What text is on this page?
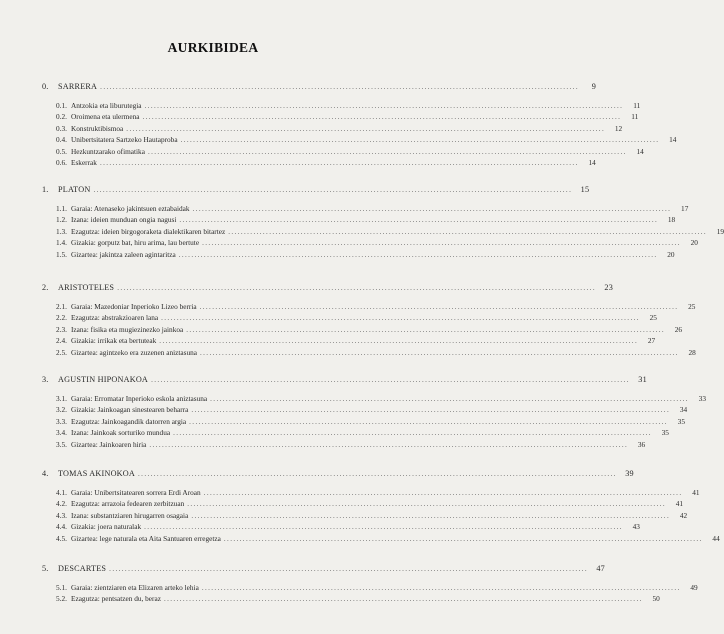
AURKIBIDEA
0.	SARRERA ........................................................................................................................................................	9
0.1. Antzokia eta liburutegia ........................................................................................................................................................	11
0.2. Oroimena eta ulermena ........................................................................................................................................................	11
0.3. Konstruktibismoa ........................................................................................................................................................	12
0.4. Unibertsitatera Sartzeko Hautaproba ........................................................................................................................................................	14
0.5. Hezkuntzarako ofimatika ........................................................................................................................................................	14
0.6. Eskerrak ........................................................................................................................................................	14
1.	PLATON ........................................................................................................................................................	15
1.1. Garaia: Atenaseko jakintsuen eztabaidak ........................................................................................................................................................	17
1.2. Izana: ideien munduan ongia nagusi ........................................................................................................................................................	18
1.3. Ezagutza: ideien birgogoraketa dialektikaren bitartez ........................................................................................................................................................	19
1.4. Gizakia: gorputz bat, hiru arima, lau bertute ........................................................................................................................................................	20
1.5. Gizartea: jakintza zaleen agintaritza ........................................................................................................................................................	20
2.	ARISTOTELES ........................................................................................................................................................	23
2.1. Garaia: Mazedoniar Inperioko Lizeo berria ........................................................................................................................................................	25
2.2. Ezagutza: abstrakzioaren lana ........................................................................................................................................................	25
2.3. Izana: fisika eta mugiezinezko jainkoa ........................................................................................................................................................	26
2.4. Gizakia: irrikak eta bertuteak ........................................................................................................................................................	27
2.5. Gizartea: agintzeko era zuzenen aniztasuna ........................................................................................................................................................	28
3.	AGUSTIN HIPONAKOA ........................................................................................................................................................	31
3.1. Garaia: Erromatar Inperioko eskola aniztasuna ........................................................................................................................................................	33
3.2. Gizakia: Jainkoagan sinestearen beharra ........................................................................................................................................................	34
3.3. Ezagutza: Jainkoagandik datorren argia ........................................................................................................................................................	35
3.4. Izana: Jainkoak sorturiko mundua ........................................................................................................................................................	35
3.5. Gizartea: Jainkoaren hiria ........................................................................................................................................................	36
4.	TOMAS AKINOKOA ........................................................................................................................................................	39
4.1. Garaia: Unibertsitatearen sorrera Erdi Aroan ........................................................................................................................................................	41
4.2. Ezagutza: arrazoia fedearen zerbitzuan ........................................................................................................................................................	41
4.3. Izana: substantziaren hirugarren osagaia ........................................................................................................................................................	42
4.4. Gizakia: joera naturalak ........................................................................................................................................................	43
4.5. Gizartea: lege naturala eta Aita Santuaren erregetza ........................................................................................................................................................	44
5.	DESCARTES ........................................................................................................................................................	47
5.1. Garaia: zientziaren eta Elizaren arteko lehia ........................................................................................................................................................	49
5.2. Ezagutza: pentsatzen du, beraz ........................................................................................................................................................	50
